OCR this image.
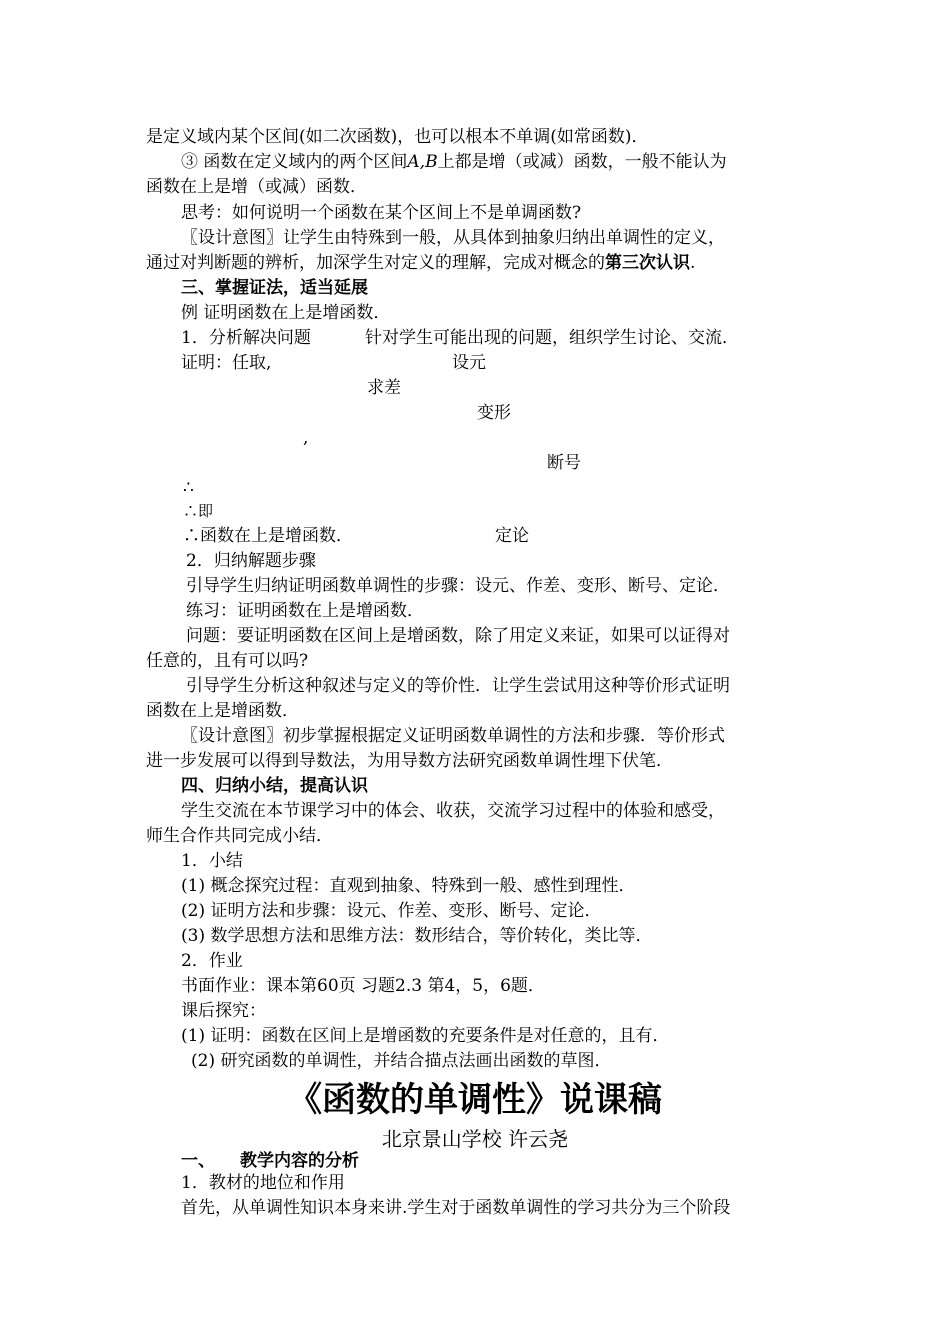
是定义域内某个区间(如二次函数)，也可以根本不单调(如常函数)．
③ 函数在定义域内的两个区间A,B上都是增（或减）函数，一般不能认为
函数在上是增（或减）函数．
思考：如何说明一个函数在某个区间上不是单调函数?
〖设计意图〗让学生由特殊到一般，从具体到抽象归纳出单调性的定义，
通过对判断题的辨析，加深学生对定义的理解，完成对概念的第三次认识.
三、掌握证法，适当延展
例 证明函数在上是增函数．
1．分析解决问题	针对学生可能出现的问题，组织学生讨论、交流．
证明：任取,	设元
求差
变形
,
断号
∴
∴即
∴函数在上是增函数．	定论
2．归纳解题步骤
引导学生归纳证明函数单调性的步骤：设元、作差、变形、断号、定论．
练习：证明函数在上是增函数．
问题：要证明函数在区间上是增函数，除了用定义来证，如果可以证得对
任意的，且有可以吗?
引导学生分析这种叙述与定义的等价性．让学生尝试用这种等价形式证明
函数在上是增函数．
〖设计意图〗初步掌握根据定义证明函数单调性的方法和步骤．等价形式
进一步发展可以得到导数法，为用导数方法研究函数单调性埋下伏笔．
四、归纳小结，提高认识
学生交流在本节课学习中的体会、收获，交流学习过程中的体验和感受，
师生合作共同完成小结．
1．小结
(1) 概念探究过程：直观到抽象、特殊到一般、感性到理性．
(2) 证明方法和步骤：设元、作差、变形、断号、定论．
(3) 数学思想方法和思维方法：数形结合，等价转化，类比等．
2．作业
书面作业：课本第60页 习题2.3 第4，5，6题．
课后探究：
(1) 证明：函数在区间上是增函数的充要条件是对任意的，且有．
(2) 研究函数的单调性，并结合描点法画出函数的草图．
《函数的单调性》说课稿
北京景山学校 许云尧
一、 教学内容的分析
1．教材的地位和作用
首先，从单调性知识本身来讲.学生对于函数单调性的学习共分为三个阶段
